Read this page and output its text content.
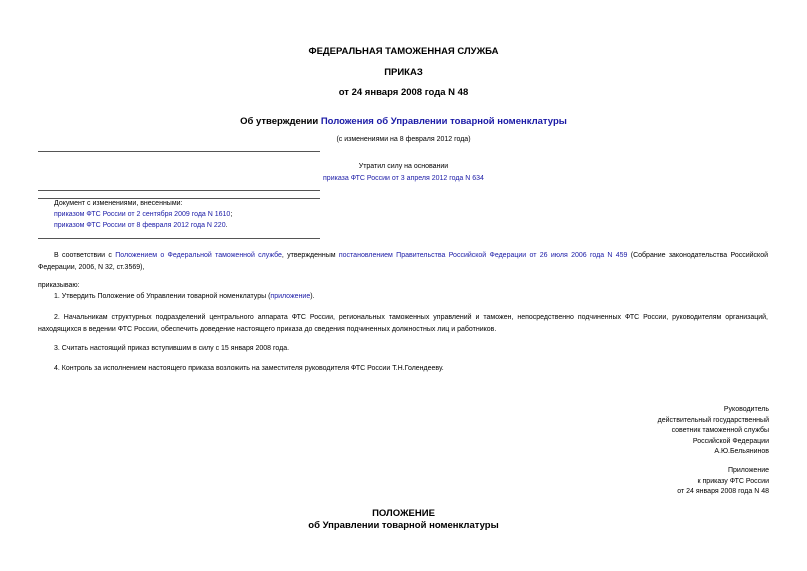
ФЕДЕРАЛЬНАЯ ТАМОЖЕННАЯ СЛУЖБА
ПРИКАЗ
от 24 января 2008 года N 48
Об утверждении Положения об Управлении товарной номенклатуры
(с изменениями на 8 февраля 2012 года)
Утратил силу на основании
приказа ФТС России от 3 апреля 2012 года N 634
Документ с изменениями, внесенными:
приказом ФТС России от 2 сентября 2009 года N 1610;
приказом ФТС России от 8 февраля 2012 года N 220.
В соответствии с Положением о Федеральной таможенной службе, утвержденным постановлением Правительства Российской Федерации от 26 июля 2006 года N 459 (Собрание законодательства Российской Федерации, 2006, N 32, ст.3569),
приказываю:
1. Утвердить Положение об Управлении товарной номенклатуры (приложение).
2. Начальникам структурных подразделений центрального аппарата ФТС России, региональных таможенных управлений и таможен, непосредственно подчиненных ФТС России, руководителям организаций, находящихся в ведении ФТС России, обеспечить доведение настоящего приказа до сведения подчиненных должностных лиц и работников.
3. Считать настоящий приказ вступившим в силу с 15 января 2008 года.
4. Контроль за исполнением настоящего приказа возложить на заместителя руководителя ФТС России Т.Н.Голендееву.
Руководитель
действительный государственный
советник таможенной службы
Российской Федерации
А.Ю.Бельянинов
Приложение
к приказу ФТС России
от 24 января 2008 года N 48
ПОЛОЖЕНИЕ
об Управлении товарной номенклатуры
